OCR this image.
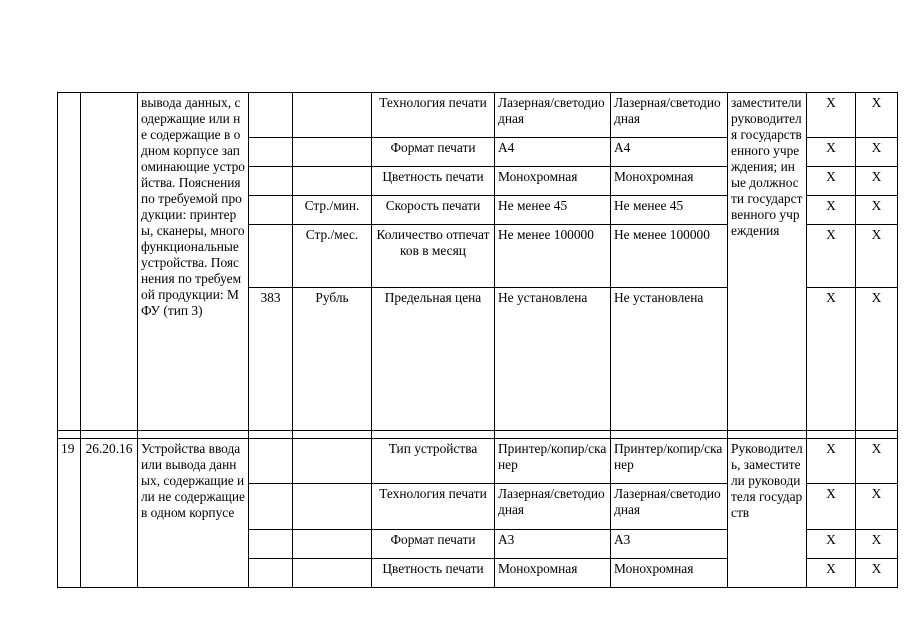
		вывода данных, содержащие или не содержащие в одном корпусе запоминающие устройства. Пояснения по требуемой продукции: принтеры, сканеры, многофункциональные устройства. Пояснения по требуемой продукции: МФУ (тип 3)			Технология печати	Лазерная/светодиодная	Лазерная/светодиодная	заместители руководителя государственного учреждения; иные должности государственного учреждения	X	X
					Формат печати	А4	А4		X	X
					Цветность печати	Монохромная	Монохромная		X	X
				Стр./мин.	Скорость печати	Не менее 45	Не менее 45		X	X
				Стр./мес.	Количество отпечатков в месяц	Не менее 100000	Не менее 100000		X	X
			383	Рубль	Предельная цена	Не установлена	Не установлена		X	X

19	26.20.16	Устройства ввода или вывода данных, содержащие или не содержащие в одном корпусе			Тип устройства	Принтер/копир/сканер	Принтер/копир/сканер	Руководитель, заместители руководителя государств	X	X
					Технология печати	Лазерная/светодиодная	Лазерная/светодиодная		X	X
					Формат печати	А3	А3		X	X
					Цветность печати	Монохромная	Монохромная		X	X
